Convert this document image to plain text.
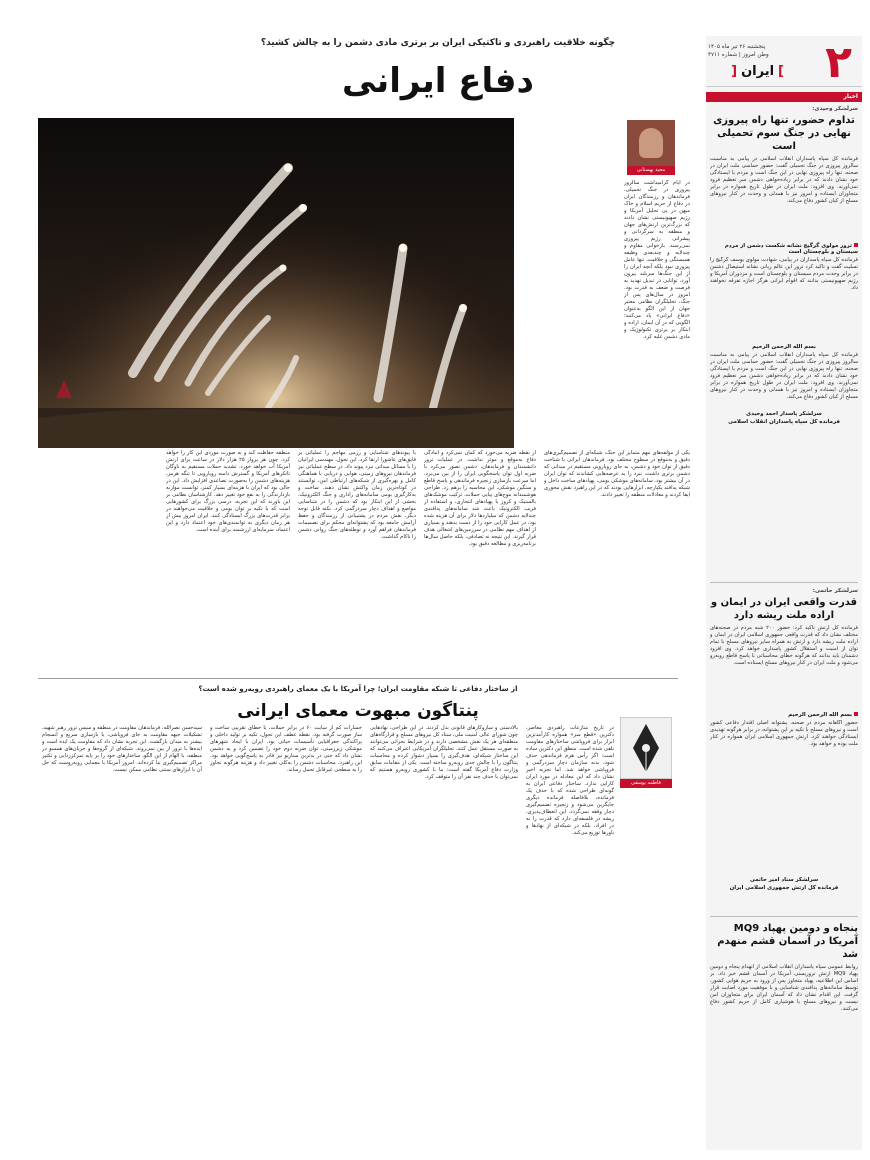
۲
پنجشنبه ۲۶ تیر ماه ۱۴۰۵
وطن امروز | شماره ۴۷۱۱
]ایران[
اخبار
سرلشکر وحیدی:
تداوم حضور، تنها راه پیروزی نهایی در جنگ سوم تحمیلی است
فرمانده کل سپاه پاسداران انقلاب اسلامی در پیامی به مناسبت سالروز پیروزی در جنگ تحمیلی گفت: حضور حماسی ملت ایران در صحنه، تنها راه پیروزی نهایی در این جنگ است و مردم با ایستادگی خود نشان دادند که در برابر زیاده‌خواهی دشمن سر تعظیم فرود نمی‌آورند. وی افزود: ملت ایران در طول تاریخ همواره در برابر متجاوزان ایستاده و امروز نیز با همدلی و وحدت در کنار نیروهای مسلح از کیان کشور دفاع می‌کند.
ترور مولوی گرگیج نشانه شکست دشمن از مردم سیستان و بلوچستان است
فرمانده کل سپاه پاسداران در پیامی، شهادت مولوی یوسف گرگیج را تسلیت گفت و تاکید کرد ترور این عالم ربانی نشانه استیصال دشمن در برابر وحدت مردم سیستان و بلوچستان است و مزدوران آمریکا و رژیم صهیونیستی بدانند که اقوام ایرانی هرگز اجازه تفرقه نخواهند داد.
بسم الله الرحمن الرحیم
فرمانده کل سپاه پاسداران انقلاب اسلامی در پیامی به مناسبت سالروز پیروزی در جنگ تحمیلی گفت: حضور حماسی ملت ایران در صحنه، تنها راه پیروزی نهایی در این جنگ است و مردم با ایستادگی خود نشان دادند که در برابر زیاده‌خواهی دشمن سر تعظیم فرود نمی‌آورند. وی افزود: ملت ایران در طول تاریخ همواره در برابر متجاوزان ایستاده و امروز نیز با همدلی و وحدت در کنار نیروهای مسلح از کیان کشور دفاع می‌کند.
سرلشکر پاسدار احمد وحیدی
فرمانده کل سپاه پاسداران انقلاب اسلامی
سرلشکر حاتمی:
قدرت واقعی ایران در ایمان و اراده ملت ریشه دارد
فرمانده کل ارتش تاکید کرد: حضور ۲۰۰ شبه مردم در صحنه‌های مختلف نشان داد که قدرت واقعی جمهوری اسلامی ایران در ایمان و اراده ملت ریشه دارد و ارتش به همراه سایر نیروهای مسلح با تمام توان از امنیت و استقلال کشور پاسداری خواهد کرد. وی افزود دشمنان باید بدانند که هرگونه خطای محاسباتی با پاسخ قاطع روبه‌رو می‌شود و ملت ایران در کنار نیروهای مسلح ایستاده است.
بسم الله الرحمن الرحیم
حضور آگاهانه مردم در صحنه، پشتوانه اصلی اقتدار دفاعی کشور است و نیروهای مسلح با تکیه بر این پشتوانه، در برابر هرگونه تهدیدی ایستادگی خواهند کرد. ارتش جمهوری اسلامی ایران همواره در کنار ملت بوده و خواهد بود.
سرلشکر ستاد امیر حاتمی
فرمانده کل ارتش جمهوری اسلامی ایران
پنجاه و دومین پهپاد MQ9 آمریکا در آسمان قشم منهدم شد
روابط عمومی سپاه پاسداران انقلاب اسلامی از انهدام پنجاه و دومین پهپاد MQ9 ارتش تروریستی آمریکا در آسمان قشم خبر داد. بر اساس این اطلاعیه، پهپاد متجاوز پس از ورود به حریم هوایی کشور، توسط سامانه‌های پدافندی شناسایی و با موفقیت مورد اصابت قرار گرفت. این اقدام نشان داد که آسمان ایران برای متجاوزان امن نیست و نیروهای مسلح با هوشیاری کامل از حریم کشور دفاع می‌کنند.
چگونه خلاقیت راهبردی و تاکتیکی ایران بر برتری مادی دشمن را به چالش کشید؟
دفاع ایرانی
مجید پهستانی
در ایام گرامیداشت سالروز پیروزی در جنگ تحمیلی، فرماندهان و رزمندگان ایران در دفاع از حریم اسلام و خاک میهن در پی تحلیل آمریکا و رژیم صهیونیستی نشان دادند که بزرگ‌ترین ارتش‌های جهان و منطقه به سرگردانی و پیشرانی رژیم پیروزی نمی‌رسند. بازخوانی مقاوم و چندلایه و چندبعدی وظیفه همبستگی و خلاقیت، تنها عامل پیروزی نبود بلکه آنچه ایران را از این جنگ‌ها سربلند بیرون آورد، توانایی در تبدیل تهدید به فرصت و ضعف به قدرت بود. امروز در سال‌های پس از جنگ، تحلیلگران نظامی معتبر جهان از این الگو به‌عنوان «دفاع ایرانی» یاد می‌کنند؛ الگویی که در آن ایمان، اراده و ابتکار بر برتری تکنولوژیک و مادی دشمن غلبه کرد.
یکی از مؤلفه‌های مهم متمایز این جنگ، شبکه‌ای از تصمیم‌گیری‌های دقیق و به‌موقع در سطوح مختلف بود. فرماندهان ایرانی با شناخت دقیق از توان خود و دشمن، به جای رویارویی مستقیم در میدانی که دشمن برتری داشت، نبرد را به عرصه‌هایی کشاندند که توان ایران در آن بیشتر بود. سامانه‌های موشکی بومی، پهپادهای ساخت داخل و شبکه پدافند یکپارچه، ابزارهایی بودند که در این راهبرد نقش محوری ایفا کردند و معادلات منطقه را تغییر دادند.
از نقطه ضربه می‌خورد که کمان نمی‌کرد و آمادگی دفاع به‌موقع و موثر نداشت. در عملیات ترور دانشمندان و فرماندهان، دشمن تصور می‌کرد با ضربه اول توان پاسخگویی ایران را از بین می‌برد، اما سرعت بازسازی زنجیره فرماندهی و پاسخ قاطع و سنگین موشکی، این محاسبه را برهم زد. طراحی هوشمندانه موج‌های پیاپی حملات، ترکیب موشک‌های بالستیک و کروز با پهپادهای انتحاری، و استفاده از فریب الکترونیک باعث شد سامانه‌های پدافندی چندلایه دشمن که میلیاردها دلار برای آن هزینه شده بود، در عمل کارایی خود را از دست بدهند و بسیاری از اهداف مهم نظامی در سرزمین‌های اشغالی هدف قرار گیرند. این نتیجه نه تصادفی، بلکه حاصل سال‌ها برنامه‌ریزی و مطالعه دقیق بود.
با پیوندهای شناسایی و رزمی مهاجم را عملیاتی بر فایق‌های عاشورا ارتقا کرد. این تحول، مهندسی ایرانیان را با مسائل میدانی نبرد پیوند داد. در سطح عملیاتی نیز فرماندهان نیروهای زمینی، هوایی و دریایی با هماهنگی کامل و بهره‌گیری از شبکه‌های ارتباطی امن، توانستند در کوتاه‌ترین زمان واکنش نشان دهند. ساخت و به‌کارگیری بومی سامانه‌های راداری و جنگ الکترونیک، بخشی از این ابتکار بود که دشمن را در شناسایی مواضع و اهداف دچار سردرگمی کرد. نکته قابل توجه دیگر، نقش مردم در پشتیبانی از رزمندگان و حفظ آرامش جامعه بود که پشتوانه‌ای محکم برای تصمیمات فرماندهان فراهم آورد و توطئه‌های جنگ روانی دشمن را ناکام گذاشت.
منطقه حفاظت کند و به صورت موردی این کار را خواهد کرد. چون هر پرواز ۲۵ هزار دلار در ساعت برای ارتش آمریکا آب خواهد خورد. تشدید حملات مستقیم به ناوگان تانکرهای آمریکا و گسترش دامنه رویارویی تا تنگه هرمز، هزینه‌های دشمن را به‌صورت تصاعدی افزایش داد. این در حالی بود که ایران با هزینه‌ای بسیار کمتر، توانست موازنه بازدارندگی را به نفع خود تغییر دهد. کارشناسان نظامی بر این باورند که این تجربه، درسی بزرگ برای کشورهایی است که با تکیه بر توان بومی و خلاقیت می‌خواهند در برابر قدرت‌های بزرگ ایستادگی کنند. ایران امروز بیش از هر زمان دیگری به توانمندی‌های خود اعتماد دارد و این اعتماد، سرمایه‌ای ارزشمند برای آینده است.
از ساختار دفاعی تا شبکه مقاومت ایران؛ چرا آمریکا با یک معمای راهبردی روبه‌رو شده است؟
پنتاگون مبهوت معمای ایرانی
فاطمه یوسفی
در تاریخ منازعات راهبردی معاصر، دکترین «قطع سر» همواره کارآمدترین ابزار برای فروپاشی ساختارهای مقاومت تلقی شده است. منطق این دکترین ساده است: اگر رأس هرم فرماندهی حذف شود، بدنه سازمان دچار سردرگمی و فروپاشی خواهد شد. اما تجربه اخیر نشان داد که این معادله در مورد ایران کارایی ندارد. ساختار دفاعی ایران به گونه‌ای طراحی شده که با حذف یک فرمانده، بلافاصله فرمانده دیگری جایگزین می‌شود و زنجیره تصمیم‌گیری دچار وقفه نمی‌گردد. این انعطاف‌پذیری، ریشه در فلسفه‌ای دارد که قدرت را نه در افراد، بلکه در شبکه‌ای از نهادها و باورها توزیع می‌کند.
بالادستی و سازوکارهای قانونی بدل کردند. در این طراحی، نهادهایی چون شورای عالی امنیت ملی، ستاد کل نیروهای مسلح و قرارگاه‌های منطقه‌ای هر یک نقش مشخصی دارند و در شرایط بحرانی می‌توانند به صورت مستقل عمل کنند. تحلیلگران آمریکایی اعتراف می‌کنند که این ساختار شبکه‌ای، هدف‌گیری را بسیار دشوار کرده و محاسبات پنتاگون را با چالش جدی روبه‌رو ساخته است. یکی از مقامات سابق وزارت دفاع آمریکا گفته است: ما با کشوری روبه‌رو هستیم که نمی‌توان با حذف چند نفر آن را متوقف کرد.
خسارات کم از سایت ۶۰ در برابر حملات، با خطای تقریبی ساخت و ساز صورت گرفته بود. نقطه عطف این تحول، تکیه بر تولید داخلی و پراکندگی جغرافیایی تأسیسات حیاتی بود. ایران با ایجاد شهرهای موشکی زیرزمینی، توان ضربه دوم خود را تضمین کرد و به دشمن نشان داد که حتی در بدترین سناریو نیز قادر به پاسخ‌گویی خواهد بود. این راهبرد، محاسبات دشمن را به‌کلی تغییر داد و هزینه هرگونه تجاوز را به سطحی غیرقابل تحمل رساند.
سیدحسن نصرالله، فرماندهان مقاومت در منطقه و سپس ترور رهبر شهید، تشکیلات جبهه مقاومت به جای فروپاشی، با بازسازی سریع و انسجام بیشتر به میدان بازگشت. این تجربه نشان داد که مقاومت یک ایده است و ایده‌ها با ترور از بین نمی‌روند. شبکه‌ای از گروه‌ها و جریان‌های همسو در منطقه، با الهام از این الگو، ساختارهای خود را بر پایه تمرکززدایی و تکثیر مراکز تصمیم‌گیری بنا کرده‌اند. امروز آمریکا با معمایی روبه‌روست که حل آن با ابزارهای سنتی نظامی ممکن نیست.
